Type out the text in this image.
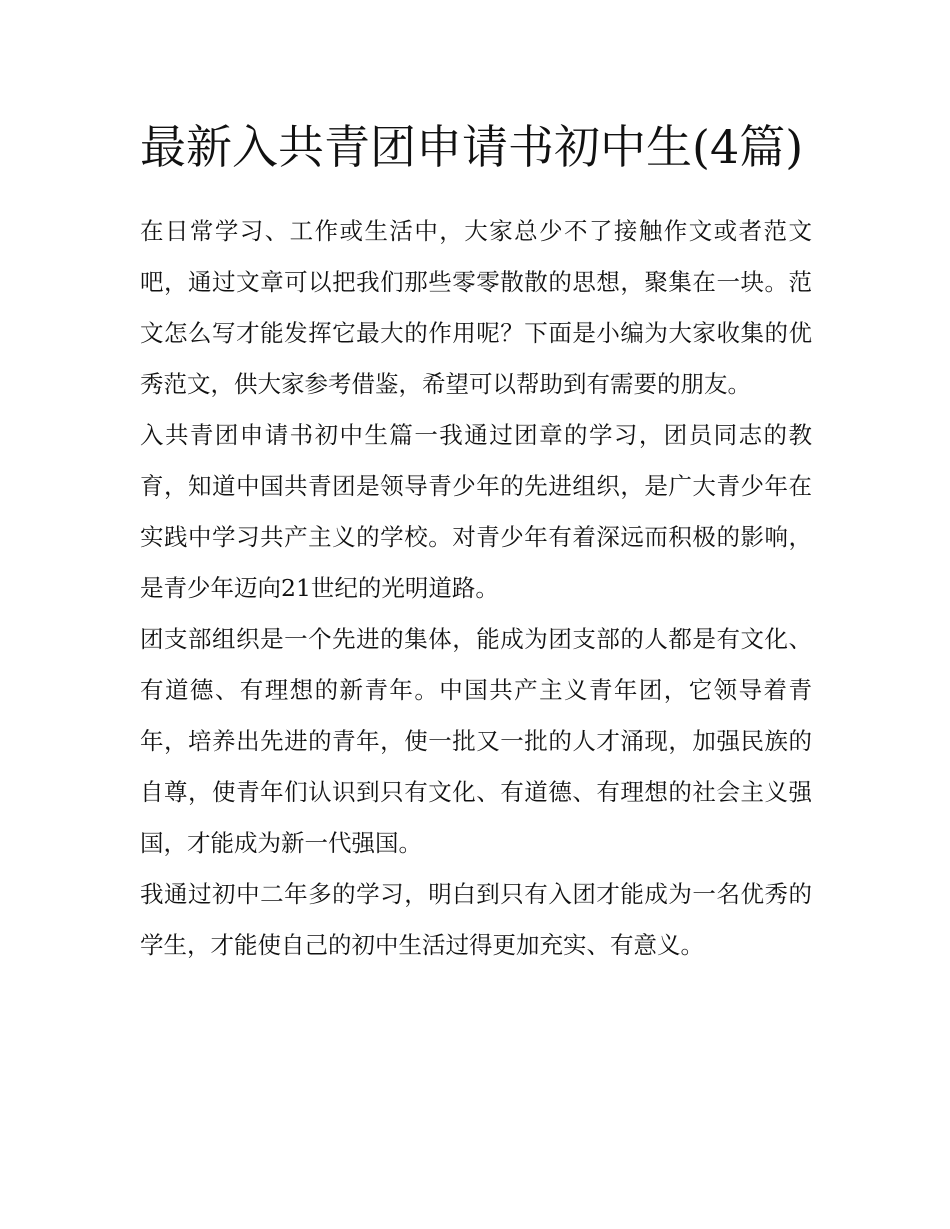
最新入共青团申请书初中生(4篇)

在日常学习、工作或生活中，大家总少不了接触作文或者范文吧，通过文章可以把我们那些零零散散的思想，聚集在一块。范文怎么写才能发挥它最大的作用呢？下面是小编为大家收集的优秀范文，供大家参考借鉴，希望可以帮助到有需要的朋友。

入共青团申请书初中生篇一我通过团章的学习，团员同志的教育，知道中国共青团是领导青少年的先进组织，是广大青少年在实践中学习共产主义的学校。对青少年有着深远而积极的影响，是青少年迈向21世纪的光明道路。

团支部组织是一个先进的集体，能成为团支部的人都是有文化、有道德、有理想的新青年。中国共产主义青年团，它领导着青年，培养出先进的青年，使一批又一批的人才涌现，加强民族的自尊，使青年们认识到只有文化、有道德、有理想的社会主义强国，才能成为新一代强国。

我通过初中二年多的学习，明白到只有入团才能成为一名优秀的学生，才能使自己的初中生活过得更加充实、有意义。
